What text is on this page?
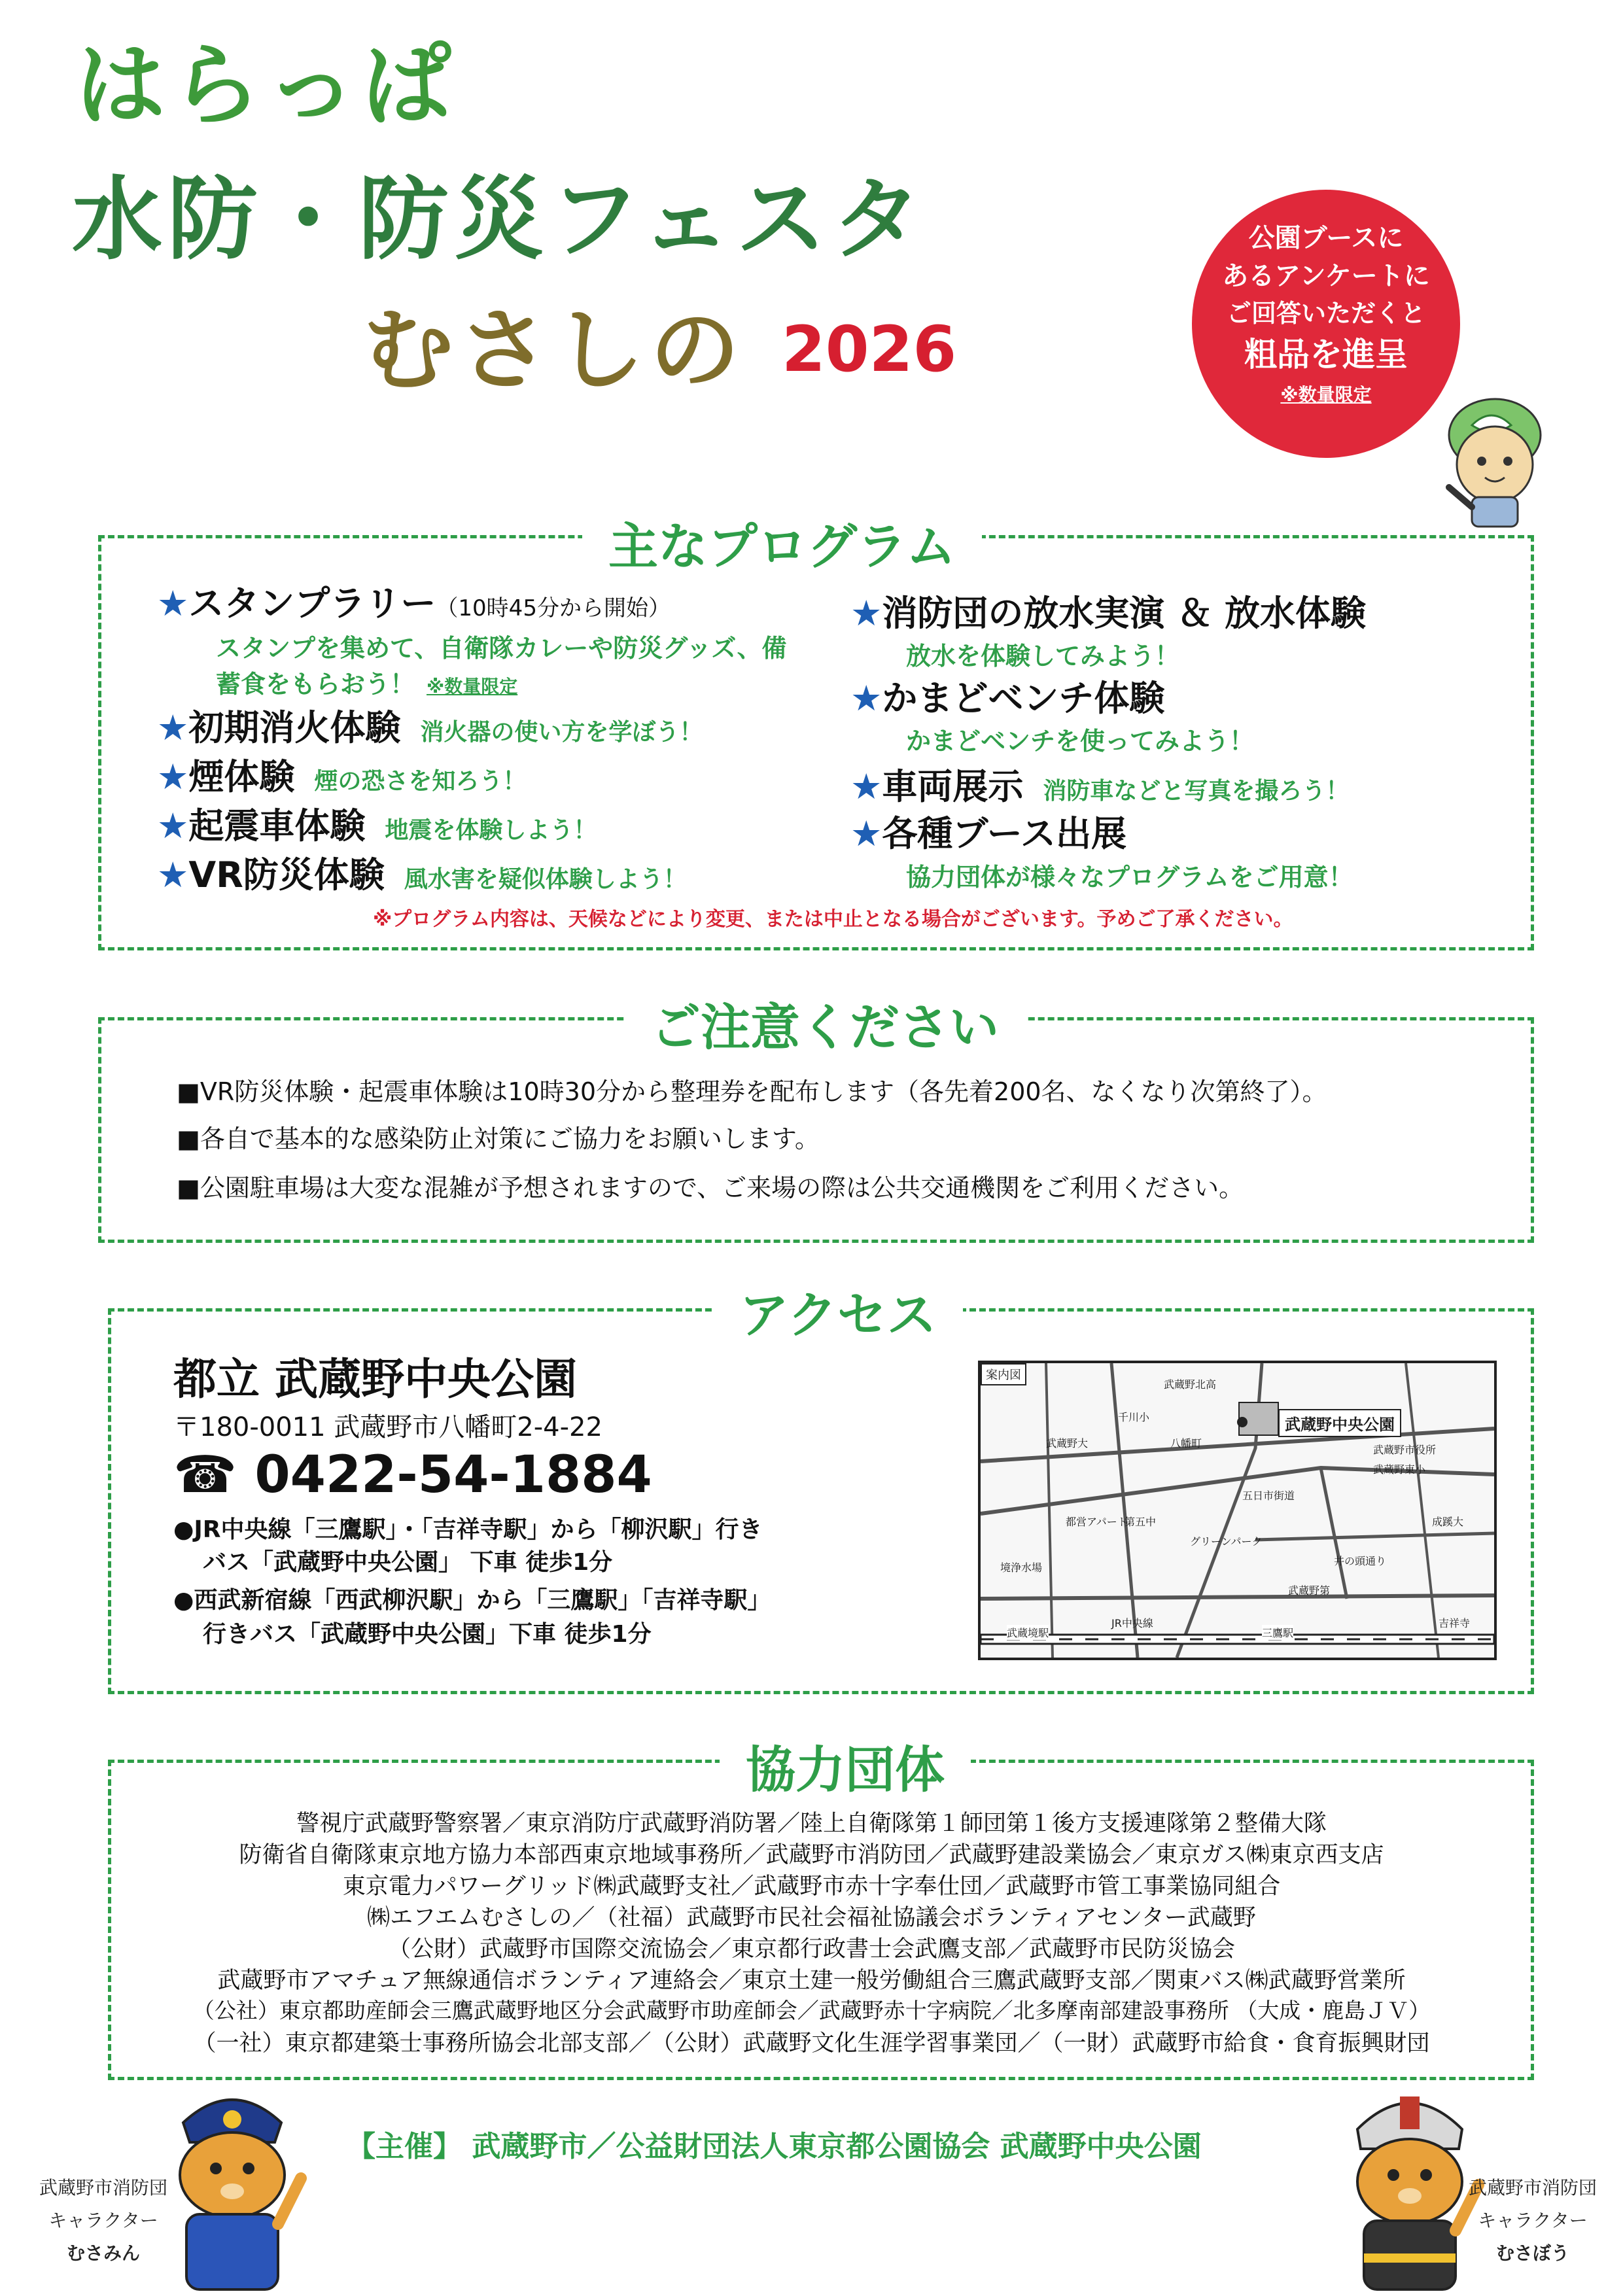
はらっぱ
水防・防災フェスタ
むさしの 2026
公園ブースに
あるアンケートに
ご回答いただくと
粗品を進呈
※数量限定
主なプログラム
★スタンプラリー（10時45分から開始）
スタンプを集めて、自衛隊カレーや防災グッズ、備
蓄食をもらおう！ ※数量限定
★初期消火体験 消火器の使い方を学ぼう！
★煙体験 煙の恐さを知ろう！
★起震車体験 地震を体験しよう！
★VR防災体験 風水害を疑似体験しよう！
★消防団の放水実演 ＆ 放水体験
放水を体験してみよう！
★かまどベンチ体験
かまどベンチを使ってみよう！
★車両展示 消防車などと写真を撮ろう！
★各種ブース出展
協力団体が様々なプログラムをご用意！
※プログラム内容は、天候などにより変更、または中止となる場合がございます。予めご了承ください。
ご注意ください
■VR防災体験・起震車体験は10時30分から整理券を配布します（各先着200名、なくなり次第終了）。
■各自で基本的な感染防止対策にご協力をお願いします。
■公園駐車場は大変な混雑が予想されますので、ご来場の際は公共交通機関をご利用ください。
アクセス
都立 武蔵野中央公園
〒180-0011 武蔵野市八幡町2-4-22
☎ 0422-54-1884
●JR中央線「三鷹駅」・「吉祥寺駅」から「柳沢駅」行き
バス「武蔵野中央公園」 下車 徒歩1分
●西武新宿線「西武柳沢駅」から「三鷹駅」「吉祥寺駅」
行きバス「武蔵野中央公園」下車 徒歩1分
案内図
武蔵野中央公園
武蔵野北高
千川小
武蔵野大	八幡町
武蔵野市役所
武蔵野東小
五日市街道
第五中	成蹊大
グリーンパーク
井の頭通り
武蔵野第
吉祥寺
JR中央線
武蔵境駅	三鷹駅
境浄水場
都営アパート
協力団体
警視庁武蔵野警察署／東京消防庁武蔵野消防署／陸上自衛隊第１師団第１後方支援連隊第２整備大隊
防衛省自衛隊東京地方協力本部西東京地域事務所／武蔵野市消防団／武蔵野建設業協会／東京ガス㈱東京西支店
東京電力パワーグリッド㈱武蔵野支社／武蔵野市赤十字奉仕団／武蔵野市管工事業協同組合
㈱エフエムむさしの／（社福）武蔵野市民社会福祉協議会ボランティアセンター武蔵野
（公財）武蔵野市国際交流協会／東京都行政書士会武鷹支部／武蔵野市民防災協会
武蔵野市アマチュア無線通信ボランティア連絡会／東京土建一般労働組合三鷹武蔵野支部／関東バス㈱武蔵野営業所
（公社）東京都助産師会三鷹武蔵野地区分会武蔵野市助産師会／武蔵野赤十字病院／北多摩南部建設事務所 （大成・鹿島ＪＶ）
（一社）東京都建築士事務所協会北部支部／（公財）武蔵野文化生涯学習事業団／（一財）武蔵野市給食・食育振興財団
【主催】 武蔵野市／公益財団法人東京都公園協会 武蔵野中央公園
武蔵野市消防団
キャラクター
むさみん
武蔵野市消防団
キャラクター
むさぼう
